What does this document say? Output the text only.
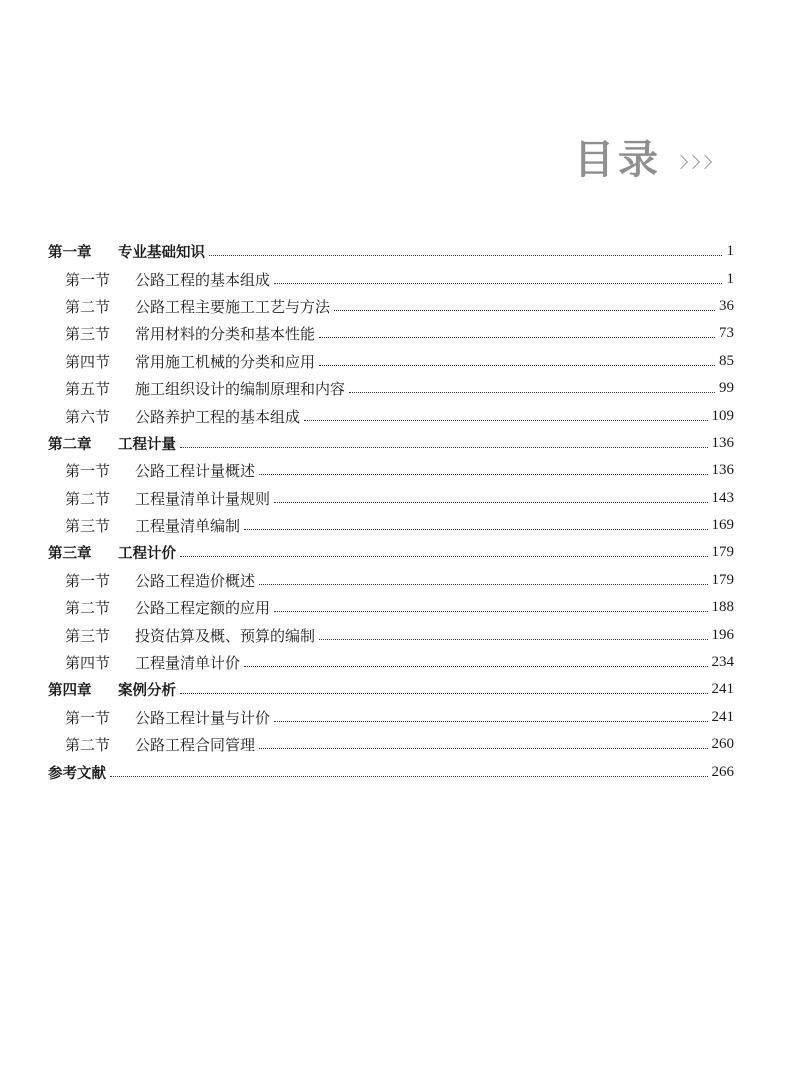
目录
第一章	专业基础知识	1
第一节	公路工程的基本组成	1
第二节	公路工程主要施工工艺与方法	36
第三节	常用材料的分类和基本性能	73
第四节	常用施工机械的分类和应用	85
第五节	施工组织设计的编制原理和内容	99
第六节	公路养护工程的基本组成	109
第二章	工程计量	136
第一节	公路工程计量概述	136
第二节	工程量清单计量规则	143
第三节	工程量清单编制	169
第三章	工程计价	179
第一节	公路工程造价概述	179
第二节	公路工程定额的应用	188
第三节	投资估算及概、预算的编制	196
第四节	工程量清单计价	234
第四章	案例分析	241
第一节	公路工程计量与计价	241
第二节	公路工程合同管理	260
参考文献	266
